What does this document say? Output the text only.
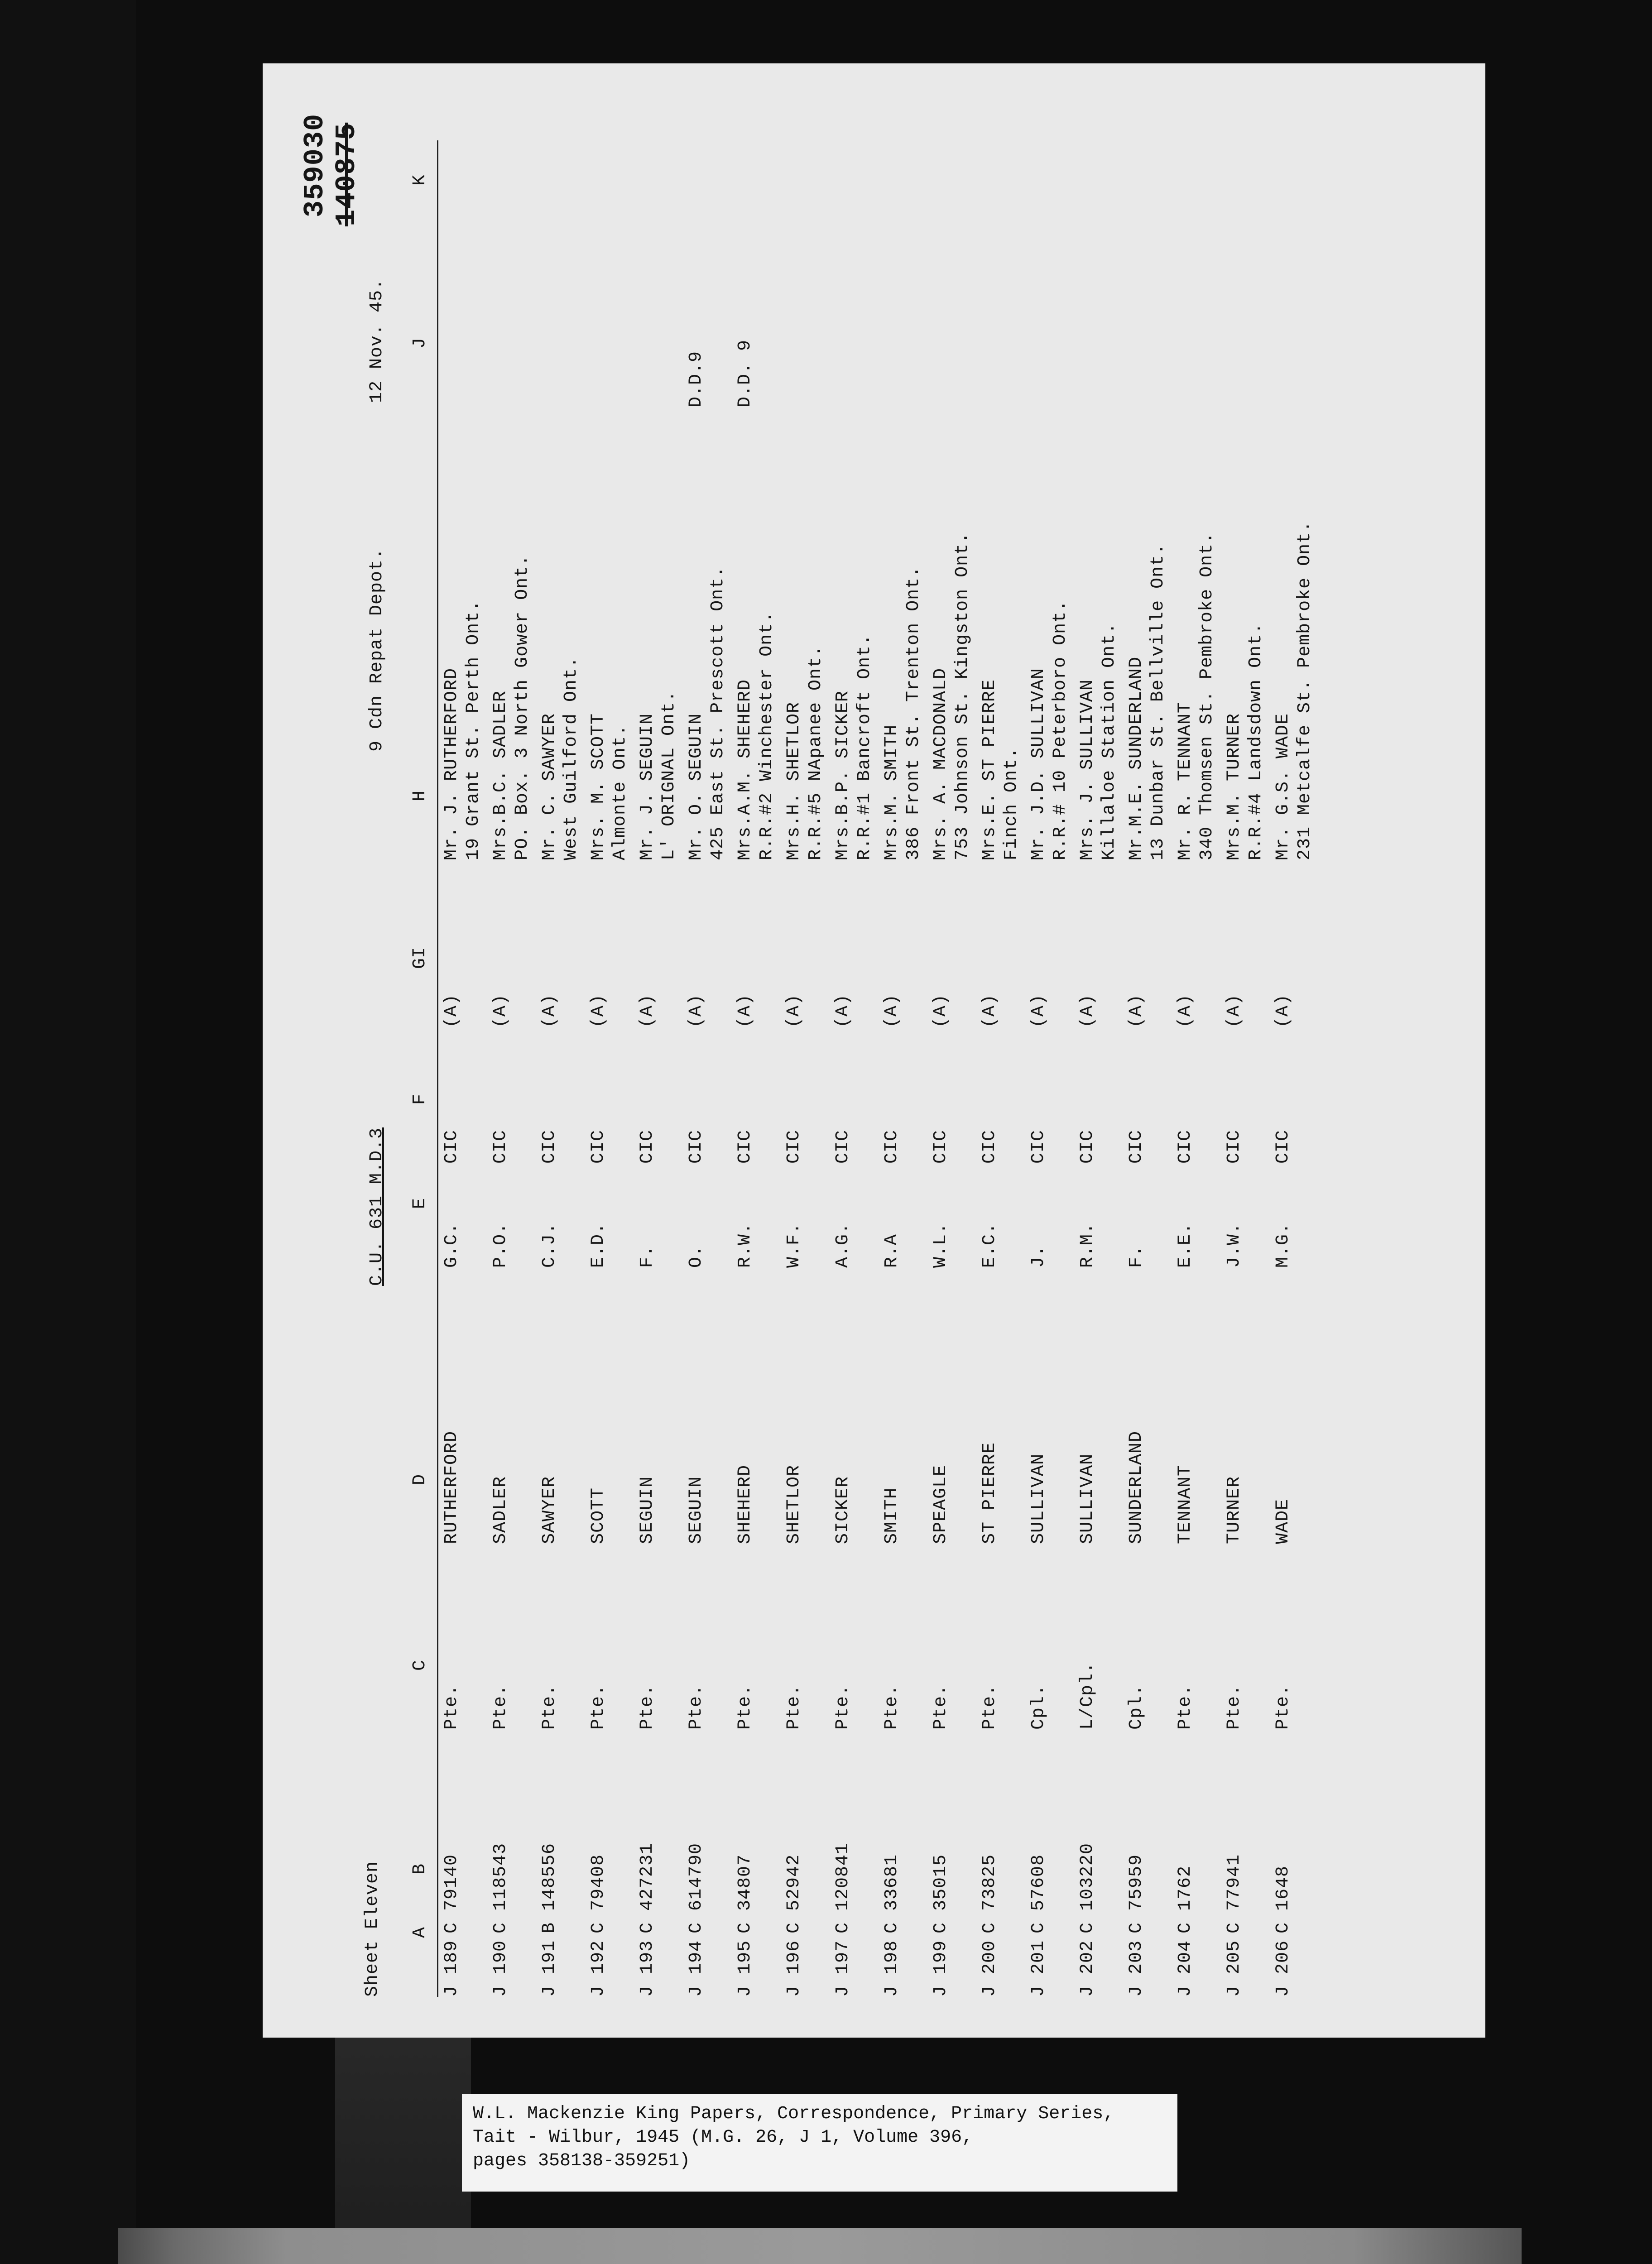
Sheet Eleven
C.U. 631 M.D.3
9 Cdn Repat Depot.
12 Nov. 45.
359030 140875
A
B
C
D
E
F
GI
H
J
K
J 189
C 79140
Pte.
RUTHERFORD
G.C.
CIC
(A)
Mr. J. RUTHERFORD 19 Grant St. Perth Ont.
J 190
C 118543
Pte.
SADLER
P.O.
CIC
(A)
Mrs.B.C. SADLER PO. Box. 3 North Gower Ont.
J 191
B 148556
Pte.
SAWYER
C.J.
CIC
(A)
Mr. C. SAWYER West Guilford Ont.
J 192
C 79408
Pte.
SCOTT
E.D.
CIC
(A)
Mrs. M. SCOTT Almonte Ont.
J 193
C 427231
Pte.
SEGUIN
F.
CIC
(A)
Mr. J. SEGUIN L' ORIGNAL Ont.
J 194
C 614790
Pte.
SEGUIN
O.
CIC
(A)
Mr. O. SEGUIN 425 East St. Prescott Ont.
D.D.9
J 195
C 34807
Pte.
SHEHERD
R.W.
CIC
(A)
Mrs.A.M. SHEHERD R.R.#2 Winchester Ont.
D.D. 9
J 196
C 52942
Pte.
SHETLOR
W.F.
CIC
(A)
Mrs.H. SHETLOR R.R.#5 NApanee Ont.
J 197
C 120841
Pte.
SICKER
A.G.
CIC
(A)
Mrs.B.P. SICKER R.R.#1 Bancroft Ont.
J 198
C 33681
Pte.
SMITH
R.A
CIC
(A)
Mrs.M. SMITH 386 Front St. Trenton Ont.
J 199
C 35015
Pte.
SPEAGLE
W.L.
CIC
(A)
Mrs. A. MACDONALD 753 Johnson St. Kingston Ont.
J 200
C 73825
Pte.
ST PIERRE
E.C.
CIC
(A)
Mrs.E. ST PIERRE Finch Ont.
J 201
C 57608
Cpl.
SULLIVAN
J.
CIC
(A)
Mr. J.D. SULLIVAN R.R.# 10 Peterboro Ont.
J 202
C 103220
L/Cpl.
SULLIVAN
R.M.
CIC
(A)
Mrs. J. SULLIVAN Killaloe Station Ont.
J 203
C 75959
Cpl.
SUNDERLAND
F.
CIC
(A)
Mr.M.E. SUNDERLAND 13 Dunbar St. Bellville Ont.
J 204
C 1762
Pte.
TENNANT
E.E.
CIC
(A)
Mr. R. TENNANT 340 Thomsen St. Pembroke Ont.
J 205
C 77941
Pte.
TURNER
J.W.
CIC
(A)
Mrs.M. TURNER R.R.#4 Landsdown Ont.
J 206
C 1648
Pte.
WADE
M.G.
CIC
(A)
Mr. G.S. WADE 231 Metcalfe St. Pembroke Ont.
W.L. Mackenzie King Papers, Correspondence, Primary Series,
Tait - Wilbur, 1945 (M.G. 26, J 1, Volume 396,
pages 358138-359251)
